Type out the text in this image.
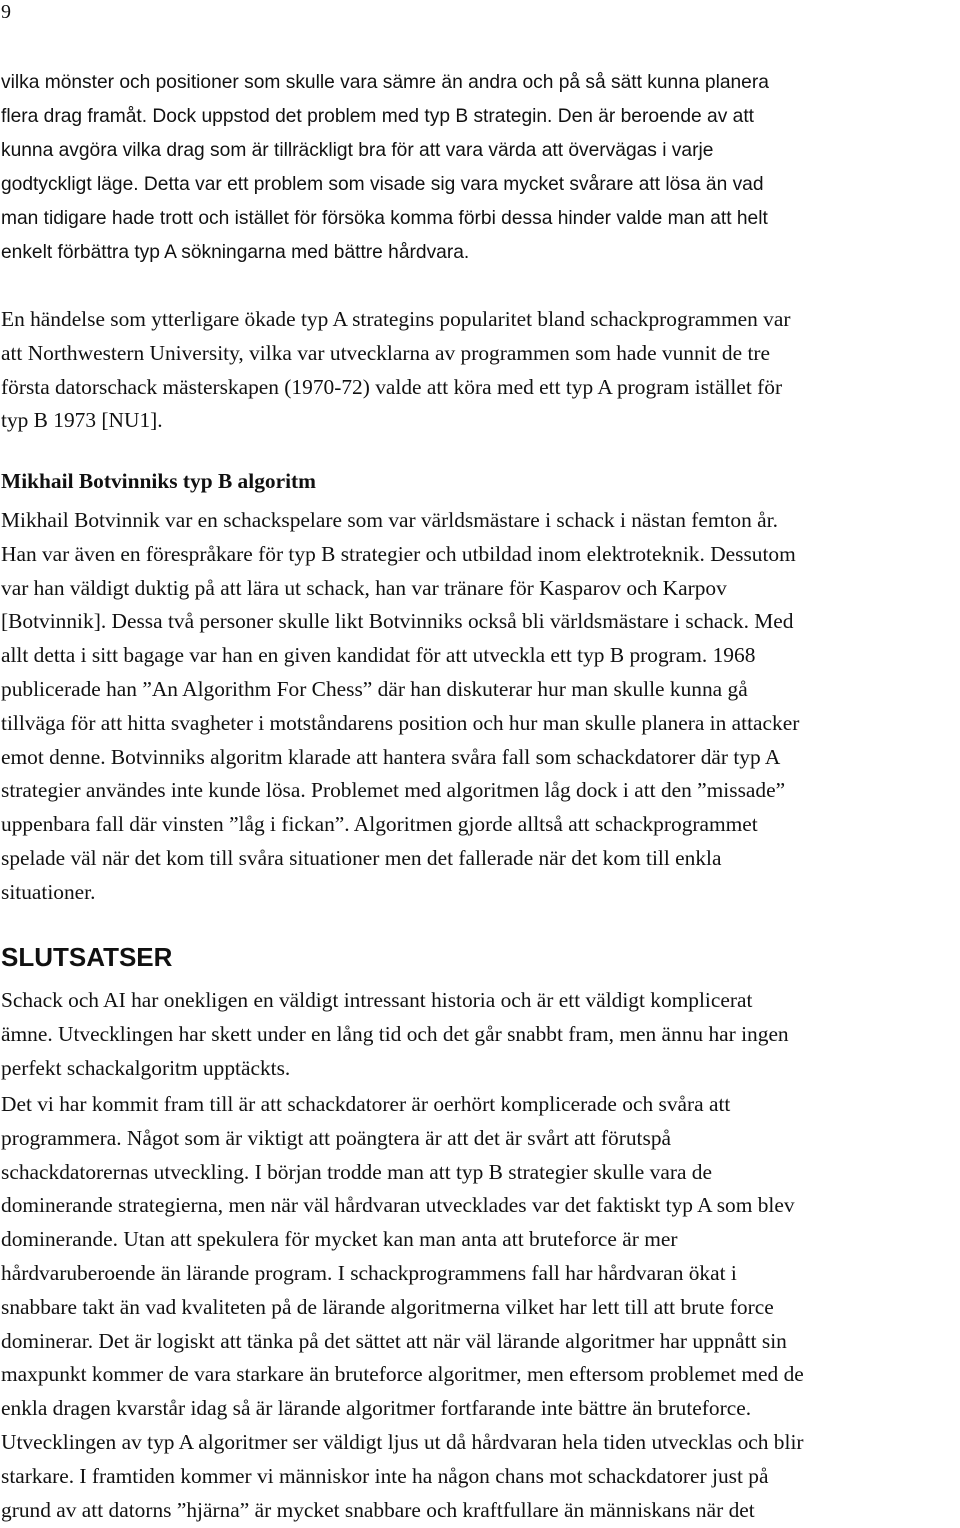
9

vilka mönster och positioner som skulle vara sämre än andra och på så sätt kunna planera
flera drag framåt. Dock uppstod det problem med typ B strategin. Den är beroende av att
kunna avgöra vilka drag som är tillräckligt bra för att vara värda att övervägas i varje
godtyckligt läge. Detta var ett problem som visade sig vara mycket svårare att lösa än vad
man tidigare hade trott och istället för försöka komma förbi dessa hinder valde man att helt
enkelt förbättra typ A sökningarna med bättre hårdvara.

En händelse som ytterligare ökade typ A strategins popularitet bland schackprogrammen var
att Northwestern University, vilka var utvecklarna av programmen som hade vunnit de tre
första datorschack mästerskapen (1970-72) valde att köra med ett typ A program istället för
typ B 1973 [NU1].

Mikhail Botvinniks typ B algoritm

Mikhail Botvinnik var en schackspelare som var världsmästare i schack i nästan femton år.
Han var även en förespråkare för typ B strategier och utbildad inom elektroteknik. Dessutom
var han väldigt duktig på att lära ut schack, han var tränare för Kasparov och Karpov
[Botvinnik]. Dessa två personer skulle likt Botvinniks också bli världsmästare i schack. Med
allt detta i sitt bagage var han en given kandidat för att utveckla ett typ B program. 1968
publicerade han ”An Algorithm For Chess” där han diskuterar hur man skulle kunna gå
tillväga för att hitta svagheter i motståndarens position och hur man skulle planera in attacker
emot denne. Botvinniks algoritm klarade att hantera svåra fall som schackdatorer där typ A
strategier användes inte kunde lösa. Problemet med algoritmen låg dock i att den ”missade”
uppenbara fall där vinsten ”låg i fickan”. Algoritmen gjorde alltså att schackprogrammet
spelade väl när det kom till svåra situationer men det fallerade när det kom till enkla
situationer.

SLUTSATSER

Schack och AI har onekligen en väldigt intressant historia och är ett väldigt komplicerat
ämne. Utvecklingen har skett under en lång tid och det går snabbt fram, men ännu har ingen
perfekt schackalgoritm upptäckts.

Det vi har kommit fram till är att schackdatorer är oerhört komplicerade och svåra att
programmera. Något som är viktigt att poängtera är att det är svårt att förutspå
schackdatorernas utveckling. I början trodde man att typ B strategier skulle vara de
dominerande strategierna, men när väl hårdvaran utvecklades var det faktiskt typ A som blev
dominerande. Utan att spekulera för mycket kan man anta att bruteforce är mer
hårdvaruberoende än lärande program. I schackprogrammens fall har hårdvaran ökat i
snabbare takt än vad kvaliteten på de lärande algoritmerna vilket har lett till att brute force
dominerar. Det är logiskt att tänka på det sättet att när väl lärande algoritmer har uppnått sin
maxpunkt kommer de vara starkare än bruteforce algoritmer, men eftersom problemet med de
enkla dragen kvarstår idag så är lärande algoritmer fortfarande inte bättre än bruteforce.
Utvecklingen av typ A algoritmer ser väldigt ljus ut då hårdvaran hela tiden utvecklas och blir
starkare. I framtiden kommer vi människor inte ha någon chans mot schackdatorer just på
grund av att datorns ”hjärna” är mycket snabbare och kraftfullare än människans när det
